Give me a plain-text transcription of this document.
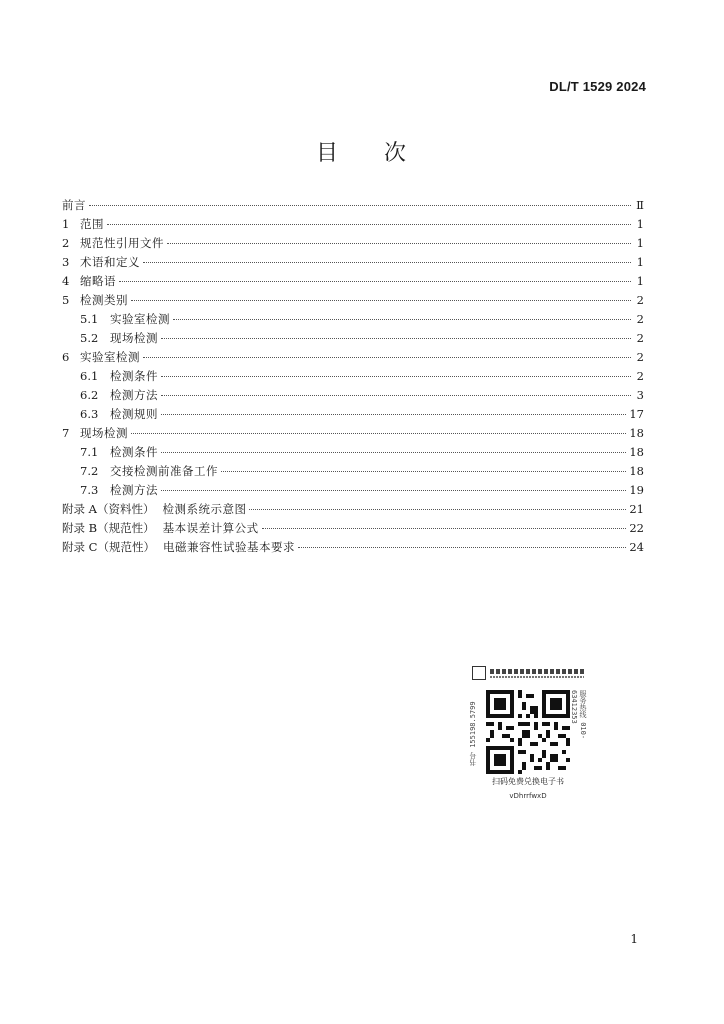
DL/T 1529 2024
目 次
前言	Ⅱ
1 范围	1
2 规范性引用文件	1
3 术语和定义	1
4 缩略语	1
5 检测类别	2
5.1	实验室检测	2
5.2	现场检测	2
6 实验室检测	2
6.1	检测条件	2
6.2	检测方法	3
6.3	检测规则	17
7 现场检测	18
7.1	检测条件	18
7.2	交接检测前准备工作	18
7.3	检测方法	19
附录 A（资料性） 检测系统示意图	21
附录 B（规范性） 基本误差计算公式	22
附录 C（规范性） 电磁兼容性试验基本要求	24
书号 155198.5799	服务热线 010-63412353
扫码免费兑换电子书
vDhrrfwxD
1
